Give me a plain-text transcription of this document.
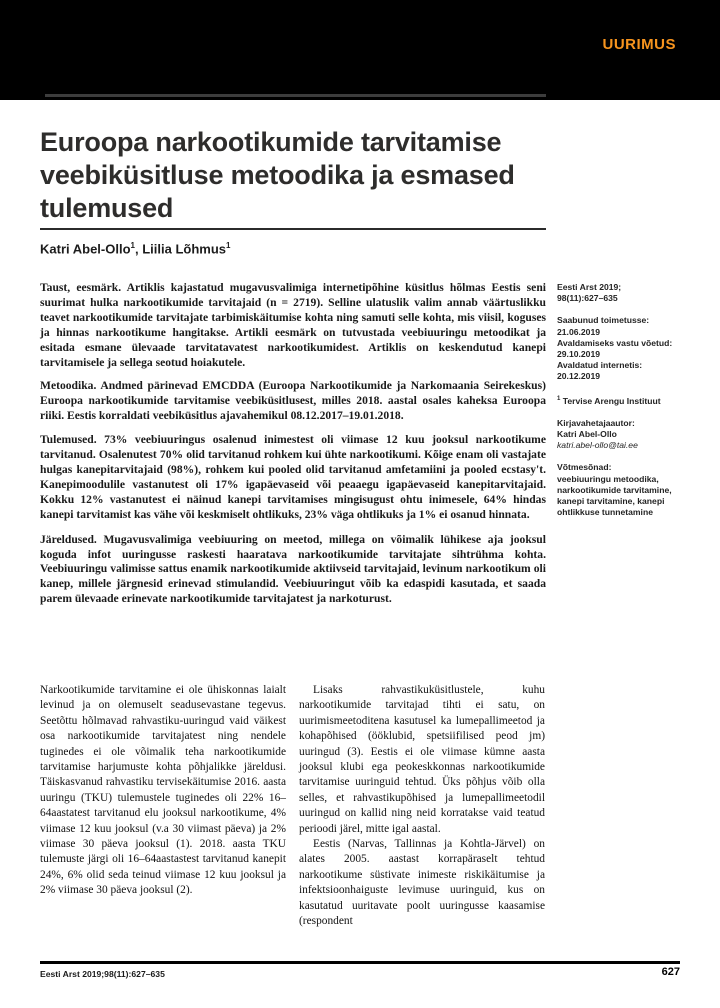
UURIMUS
Euroopa narkootikumide tarvitamise veebiküsitluse metoodika ja esmased tulemused
Katri Abel-Ollo$^1$, Liilia Lõhmus$^1$

Taust, eesmärk. Artiklis kajastatud mugavusvalimiga internetipõhine küsitlus hõlmas Eestis seni suurimat hulka narkootikumide tarvitajaid (n = 2719). Selline ulatuslik valim annab väärtuslikku teavet narkootikumide tarvitajate tarbimiskäitumise kohta ning samuti selle kohta, mis viisil, koguses ja hinnas narkootikume hangitakse. Artikli eesmärk on tutvustada veebiuuringu metoodikat ja esitada esmane ülevaade tarvitatavatest narkootikumidest. Artiklis on keskendutud kanepi tarvitamisele ja sellega seotud hoiakutele.

Metoodika. Andmed pärinevad EMCDDA (Euroopa Narkootikumide ja Narkomaania Seirekeskus) Euroopa narkootikumide tarvitamise veebiküsitlusest, milles 2018. aastal osales kaheksa Euroopa riiki. Eestis korraldati veebiküsitlus ajavahemikul 08.12.2017–19.01.2018.

Tulemused. 73% veebiuuringus osalenud inimestest oli viimase 12 kuu jooksul narkootikume tarvitanud. Osalenutest 70% olid tarvitanud rohkem kui ühte narkootikumi. Kõige enam oli vastajate hulgas kanepitarvitajaid (98%), rohkem kui pooled olid tarvitanud amfetamiini ja pooled ecstasy't. Kanepimoodulile vastanutest oli 17% igapäevaseid või peaaegu igapäevaseid kanepitarvitajaid. Kokku 12% vastanutest ei näinud kanepi tarvitamises mingisugust ohtu inimesele, 64% hindas kanepi tarvitamist kas vähe või keskmiselt ohtlikuks, 23% väga ohtlikuks ja 1% ei osanud hinnata.

Järeldused. Mugavusvalimiga veebiuuring on meetod, millega on võimalik lühikese aja jooksul koguda infot uuringusse raskesti haaratava narkootikumide tarvitajate sihtrühma kohta. Veebiuuringu valimisse sattus enamik narkootikumide aktiivseid tarvitajaid, levinum narkootikum oli kanep, millele järgnesid erinevad stimulandid. Veebiuuringut võib ka edaspidi kasutada, et saada parem ülevaade erinevate narkootikumide tarvitajatest ja narkoturust.

Eesti Arst 2019;
98(11):627–635
Saabunud toimetusse:
21.06.2019
Avaldamiseks vastu võetud:
29.10.2019
Avaldatud internetis:
20.12.2019
$^1$ Tervise Arengu Instituut
Kirjavahetajaautor:
Katri Abel-Ollo
katri.abel-ollo@tai.ee
Võtmesõnad:
veebiuuringu metoodika, narkootikumide tarvitamine, kanepi tarvitamine, kanepi ohtlikkuse tunnetamine

Narkootikumide tarvitamine ei ole ühiskonnas laialt levinud ja on olemuselt seadusevastane tegevus. Seetõttu hõlmavad rahvastiku-uuringud vaid väikest osa narkootikumide tarvitajatest ning nendele tuginedes ei ole võimalik teha narkootikumide tarvitamise harjumuste kohta põhjalikke järeldusi. Täiskasvanud rahvastiku tervisekäitumise 2016. aasta uuringu (TKU) tulemustele tuginedes oli 22% 16–64aastatest tarvitanud elu jooksul narkootikume, 4% viimase 12 kuu jooksul (v.a 30 viimast päeva) ja 2% viimase 30 päeva jooksul (1). 2018. aasta TKU tulemuste järgi oli 16–64aastastest tarvitanud kanepit 24%, 6% olid seda teinud viimase 12 kuu jooksul ja 2% viimase 30 päeva jooksul (2).

Lisaks rahvastikuküsitlustele, kuhu narkootikumide tarvitajad tihti ei satu, on uurimismeetoditena kasutusel ka lumepallimeetod ja kohapõhised (ööklubid, spetsiifilised peod jm) uuringud (3). Eestis ei ole viimase kümne aasta jooksul klubi ega peokeskkonnas narkootikumide tarvitamise uuringuid tehtud. Üks põhjus võib olla selles, et rahvastikupõhised ja lumepallimeetodil uuringud on kallid ning neid korratakse vaid teatud perioodi järel, mitte igal aastal.

Eestis (Narvas, Tallinnas ja Kohtla-Järvel) on alates 2005. aastast korrapäraselt tehtud narkootikume süstivate inimeste riskikäitumise ja infektsioonhaiguste levimuse uuringuid, kus on kasutatud uuritavate poolt uuringusse kaasamise (respondent

Eesti Arst 2019;98(11):627–635	627
